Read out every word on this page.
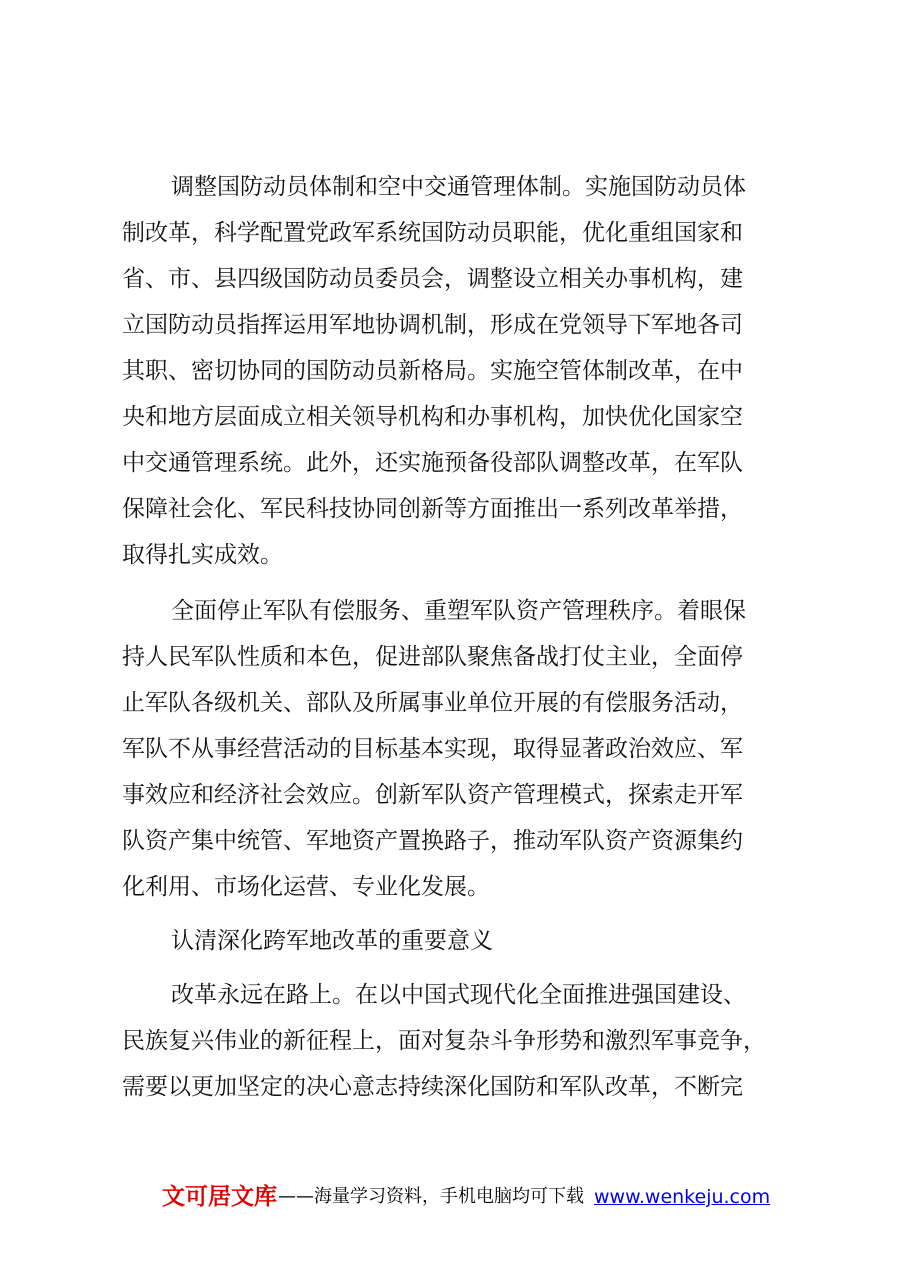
调整国防动员体制和空中交通管理体制。实施国防动员体
制改革，科学配置党政军系统国防动员职能，优化重组国家和
省、市、县四级国防动员委员会，调整设立相关办事机构，建
立国防动员指挥运用军地协调机制，形成在党领导下军地各司
其职、密切协同的国防动员新格局。实施空管体制改革，在中
央和地方层面成立相关领导机构和办事机构，加快优化国家空
中交通管理系统。此外，还实施预备役部队调整改革，在军队
保障社会化、军民科技协同创新等方面推出一系列改革举措，
取得扎实成效。
全面停止军队有偿服务、重塑军队资产管理秩序。着眼保
持人民军队性质和本色，促进部队聚焦备战打仗主业，全面停
止军队各级机关、部队及所属事业单位开展的有偿服务活动，
军队不从事经营活动的目标基本实现，取得显著政治效应、军
事效应和经济社会效应。创新军队资产管理模式，探索走开军
队资产集中统管、军地资产置换路子，推动军队资产资源集约
化利用、市场化运营、专业化发展。
认清深化跨军地改革的重要意义
改革永远在路上。在以中国式现代化全面推进强国建设、
民族复兴伟业的新征程上，面对复杂斗争形势和激烈军事竞争，
需要以更加坚定的决心意志持续深化国防和军队改革，不断完
文可居文库 ——海量学习资料，手机电脑均可下载 www.wenkeju.com
